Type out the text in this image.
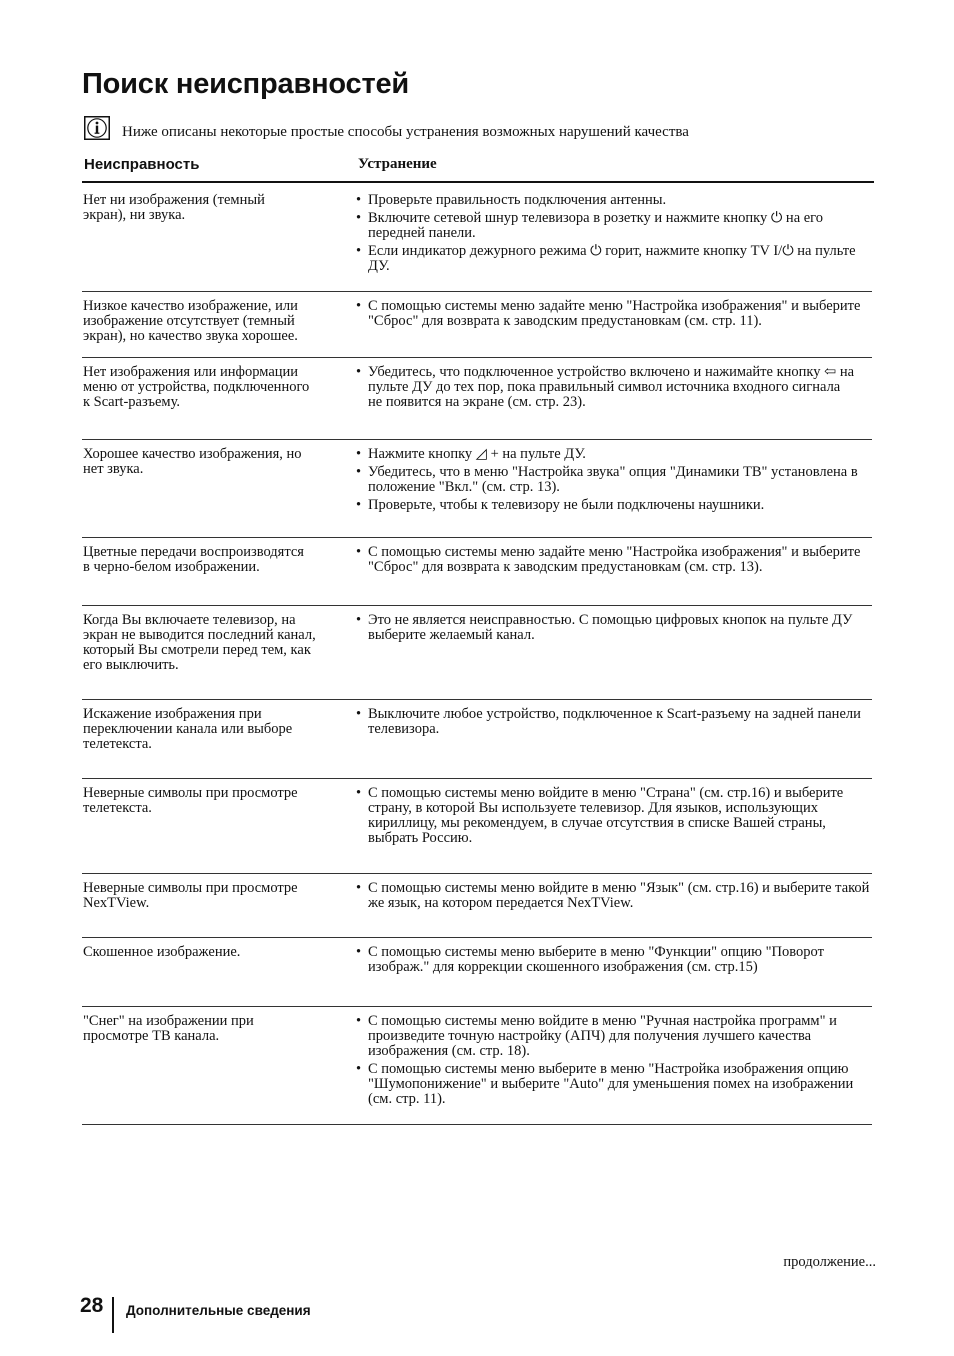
Поиск неисправностей
Ниже описаны некоторые простые способы устранения возможных нарушений качества
Неисправность	Устранение
Нет ни изображения (темный
экран), ни звука.
• Проверьте правильность подключения антенны.
• Включите сетевой шнур телевизора в розетку и нажмите кнопку ⏻ на его передней панели.
• Если индикатор дежурного режима ⏻ горит, нажмите кнопку TV I/⏻ на пульте ДУ.
Низкое качество изображение, или
изображение отсутствует (темный
экран), но качество звука хорошее.
• С помощью системы меню задайте меню "Настройка изображения" и выберите "Сброс" для возврата к заводским предустановкам (см. стр. 11).
Нет изображения или информации
меню от устройства, подключенного
к Scart-разъему.
• Убедитесь, что подключенное устройство включено и нажимайте кнопку ⇦ на пульте ДУ до тех пор, пока правильный символ источника входного сигнала
не появится на экране (см. стр. 23).
Хорошее качество изображения, но
нет звука.
• Нажмите кнопку ◿ + на пульте ДУ.
• Убедитесь, что в меню "Настройка звука" опция "Динамики ТВ" установлена в положение "Вкл." (см. стр. 13).
• Проверьте, чтобы к телевизору не были подключены наушники.
Цветные передачи воспроизводятся
в черно-белом изображении.
• С помощью системы меню задайте меню "Настройка изображения" и выберите "Сброс" для возврата к заводским предустановкам (см. стр. 13).
Когда Вы включаете телевизор, на
экран не выводится последний канал,
который Вы смотрели перед тем, как
его выключить.
• Это не является неисправностью. С помощью цифровых кнопок на пульте ДУ выберите желаемый канал.
Искажение изображения при
переключении канала или выборе
телетекста.
• Выключите любое устройство, подключенное к Scart-разъему на задней панели телевизора.
Неверные символы при просмотре
телетекста.
• С помощью системы меню войдите в меню "Страна" (см. стр.16) и выберите страну, в которой Вы используете телевизор. Для языков, использующих кириллицу, мы рекомендуем, в случае отсутствия в списке Вашей страны, выбрать Россию.
Неверные символы при просмотре
NexTView.
• С помощью системы меню войдите в меню "Язык" (см. стр.16) и выберите такой же язык, на котором передается NexTView.
Скошенное изображение.	• С помощью системы меню выберите в меню "Функции" опцию "Поворот изображ." для коррекции скошенного изображения (см. стр.15)
"Снег" на изображении при
просмотре ТВ канала.
• С помощью системы меню войдите в меню "Ручная настройка программ" и произведите точную настройку (АПЧ) для получения лучшего качества изображения (см. стр. 18).
• С помощью системы меню выберите в меню "Настройка изображения опцию "Шумопонижение" и выберите "Auto" для уменьшения помех на изображении (см. стр. 11).
продолжение...
28 Дополнительные сведения
